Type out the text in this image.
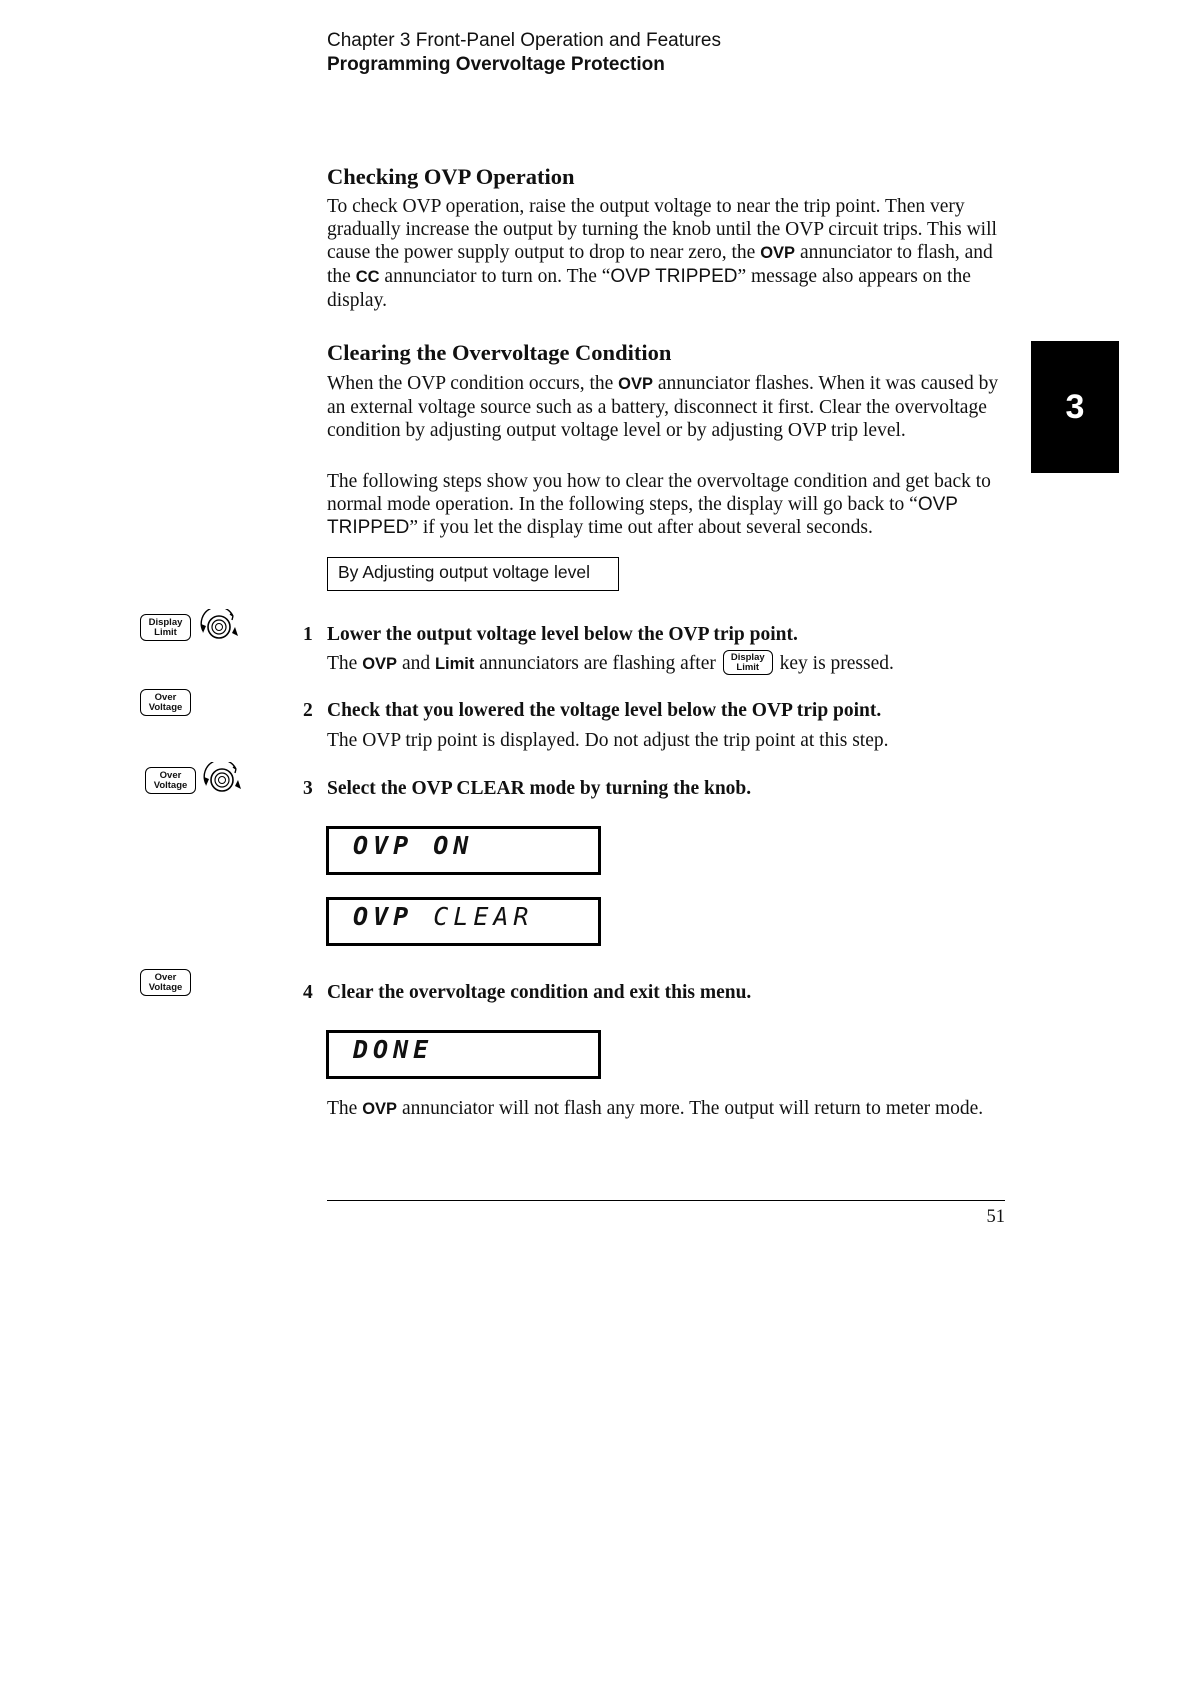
Chapter 3 Front-Panel Operation and Features
Programming Overvoltage Protection
3
Checking OVP Operation

To check OVP operation, raise the output voltage to near the trip point. Then very gradually increase the output by turning the knob until the OVP circuit trips. This will cause the power supply output to drop to near zero, the OVP annunciator to flash, and the CC annunciator to turn on. The “OVP TRIPPED” message also appears on the display.

Clearing the Overvoltage Condition

When the OVP condition occurs, the OVP annunciator flashes. When it was caused by an external voltage source such as a battery, disconnect it first. Clear the overvoltage condition by adjusting output voltage level or by adjusting OVP trip level.

The following steps show you how to clear the overvoltage condition and get back to normal mode operation. In the following steps, the display will go back to “OVP TRIPPED” if you let the display time out after about several seconds.

By Adjusting output voltage level
Display
Limit
Over
Voltage
Over
Voltage
Over
Voltage
1 Lower the output voltage level below the OVP trip point.

The OVP and Limit annunciators are flashing after	Display
Limit key is pressed.

2 Check that you lowered the voltage level below the OVP trip point.

The OVP trip point is displayed. Do not adjust the trip point at this step.

3 Select the OVP CLEAR mode by turning the knob.
OVP ON
OVP CLEAR
4 Clear the overvoltage condition and exit this menu.
DONE

The OVP annunciator will not flash any more. The output will return to meter mode.

51
